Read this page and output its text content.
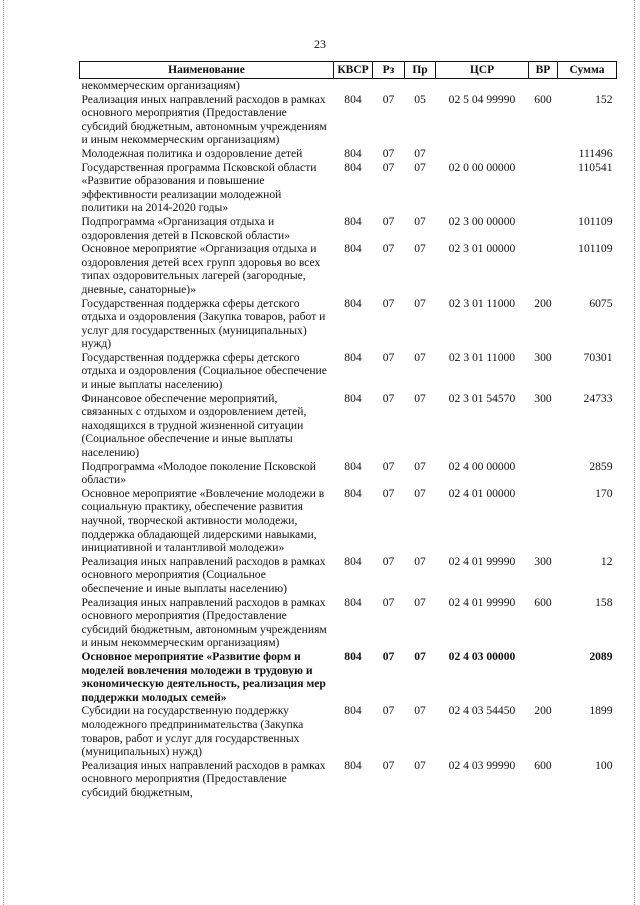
23
Наименование	КВСР	Рз	Пр	ЦСР	ВР	Сумма
некоммерческим организациям)						
Реализация иных направлений расходов в рамках основного мероприятия (Предоставление субсидий бюджетным, автономным учреждениям и иным некоммерческим организациям)	804	07	05	02 5 04 99990	600	152
Молодежная политика и оздоровление детей	804	07	07			111496
Государственная программа Псковской области «Развитие образования и повышение эффективности реализации молодежной политики на 2014-2020 годы»	804	07	07	02 0 00 00000		110541
Подпрограмма «Организация отдыха и оздоровления детей в Псковской области»	804	07	07	02 3 00 00000		101109
Основное мероприятие «Организация отдыха и оздоровления детей всех групп здоровья во всех типах оздоровительных лагерей (загородные, дневные, санаторные)»	804	07	07	02 3 01 00000		101109
Государственная поддержка сферы детского отдыха и оздоровления (Закупка товаров, работ и услуг для государственных (муниципальных) нужд)	804	07	07	02 3 01 11000	200	6075
Государственная поддержка сферы детского отдыха и оздоровления (Социальное обеспечение и иные выплаты населению)	804	07	07	02 3 01 11000	300	70301
Финансовое обеспечение мероприятий, связанных с отдыхом и оздоровлением детей, находящихся в трудной жизненной ситуации (Социальное обеспечение и иные выплаты населению)	804	07	07	02 3 01 54570	300	24733
Подпрограмма «Молодое поколение Псковской области»	804	07	07	02 4 00 00000		2859
Основное мероприятие «Вовлечение молодежи в социальную практику, обеспечение развития научной, творческой активности молодежи, поддержка обладающей лидерскими навыками, инициативной и талантливой молодежи»	804	07	07	02 4 01 00000		170
Реализация иных направлений расходов в рамках основного мероприятия (Социальное обеспечение и иные выплаты населению)	804	07	07	02 4 01 99990	300	12
Реализация иных направлений расходов в рамках основного мероприятия (Предоставление субсидий бюджетным, автономным учреждениям и иным некоммерческим организациям)	804	07	07	02 4 01 99990	600	158
Основное мероприятие «Развитие форм и моделей вовлечения молодежи в трудовую и экономическую деятельность, реализация мер поддержки молодых семей»	804	07	07	02 4 03 00000		2089
Субсидии на государственную поддержку молодежного предпринимательства (Закупка товаров, работ и услуг для государственных (муниципальных) нужд)	804	07	07	02 4 03 54450	200	1899
Реализация иных направлений расходов в рамках основного мероприятия (Предоставление субсидий бюджетным,	804	07	07	02 4 03 99990	600	100
